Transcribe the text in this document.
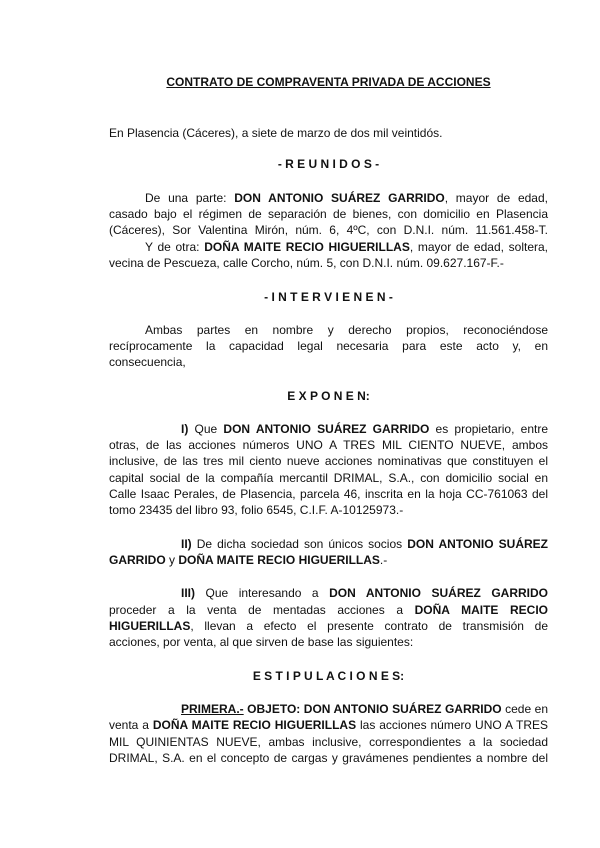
CONTRATO DE COMPRAVENTA PRIVADA DE ACCIONES
En Plasencia (Cáceres), a siete de marzo de dos mil veintidós.
- R E U N I D O S -
De una parte: DON ANTONIO SUÁREZ GARRIDO, mayor de edad,
casado bajo el régimen de separación de bienes, con domicilio en Plasencia
(Cáceres), Sor Valentina Mirón, núm. 6, 4ºC, con D.N.I. núm. 11.561.458-T.
Y de otra: DOÑA MAITE RECIO HIGUERILLAS, mayor de edad, soltera,
vecina de Pescueza, calle Corcho, núm. 5, con D.N.I. núm. 09.627.167-F.-
- I N T E R V I E N E N -
Ambas partes en nombre y derecho propios, reconociéndose
recíprocamente la capacidad legal necesaria para este acto y, en
consecuencia,
E X P O N E N:
I) Que DON ANTONIO SUÁREZ GARRIDO es propietario, entre
otras, de las acciones números UNO A TRES MIL CIENTO NUEVE, ambos
inclusive, de las tres mil ciento nueve acciones nominativas que constituyen el
capital social de la compañía mercantil DRIMAL, S.A., con domicilio social en
Calle Isaac Perales, de Plasencia, parcela 46, inscrita en la hoja CC-761063 del
tomo 23435 del libro 93, folio 6545, C.I.F. A-10125973.-
II) De dicha sociedad son únicos socios DON ANTONIO SUÁREZ
GARRIDO y DOÑA MAITE RECIO HIGUERILLAS.-
III) Que interesando a DON ANTONIO SUÁREZ GARRIDO
proceder a la venta de mentadas acciones a DOÑA MAITE RECIO
HIGUERILLAS, llevan a efecto el presente contrato de transmisión de
acciones, por venta, al que sirven de base las siguientes:
E S T I P U L A C I O N E S:
PRIMERA.- OBJETO: DON ANTONIO SUÁREZ GARRIDO cede en
venta a DOÑA MAITE RECIO HIGUERILLAS las acciones número UNO A TRES
MIL QUINIENTAS NUEVE, ambas inclusive, correspondientes a la sociedad
DRIMAL, S.A. en el concepto de cargas y gravámenes pendientes a nombre del
